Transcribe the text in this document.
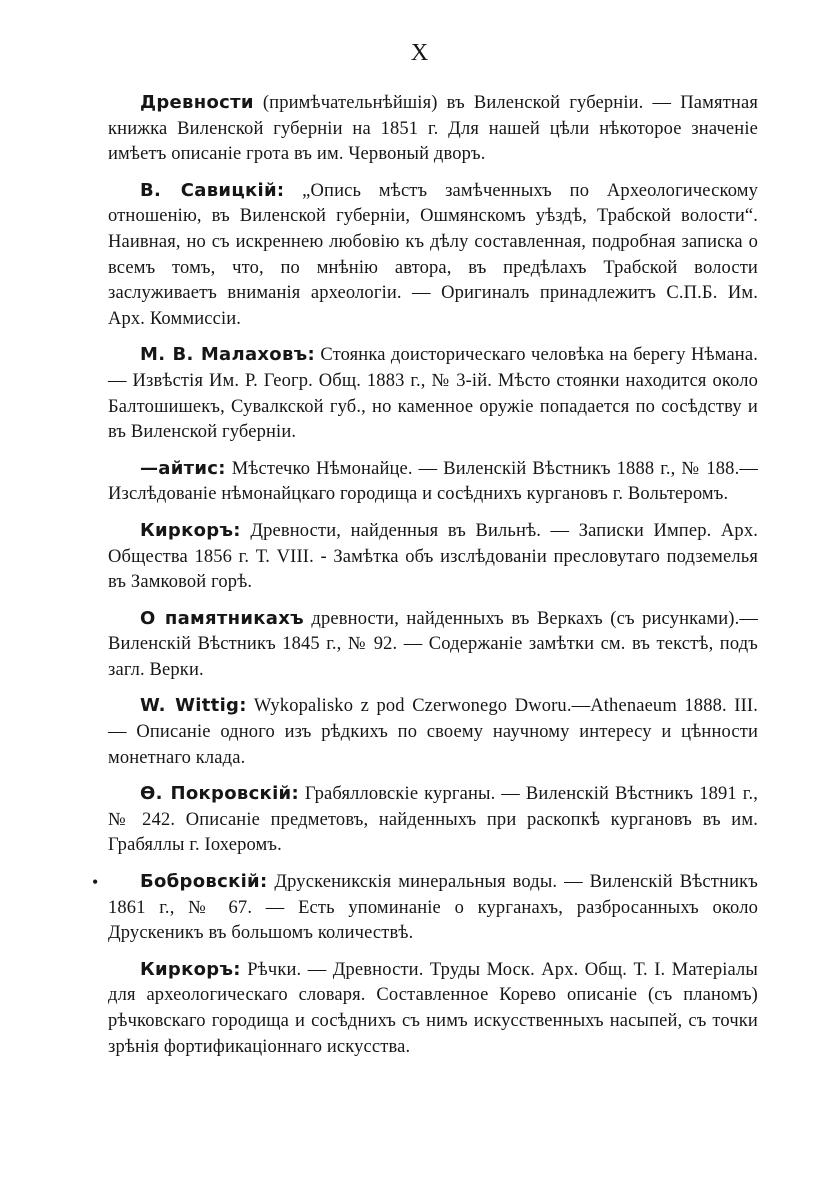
X

Древности (примѣчательнѣйшiя) въ Виленской губернiи. — Памятная книжка Виленской губернiи на 1851 г. Для нашей цѣли нѣкоторое значенiе имѣетъ описанiе грота въ им. Червоный дворъ.

В. Савицкiй: „Опись мѣстъ замѣченныхъ по Археологическому отношенiю, въ Виленской губернiи, Ошмянскомъ уѣздѣ, Трабской волости“. Наивная, но съ искреннею любовiю къ дѣлу составленная, подробная записка о всемъ томъ, что, по мнѣнiю автора, въ предѣлахъ Трабской волости заслуживаетъ вниманiя археологiи. — Оригиналъ принадлежитъ С.П.Б. Им. Арх. Коммиссiи.

М. В. Малаховъ: Стоянка доисторическаго человѣка на берегу Нѣмана. — Извѣстiя Им. Р. Геогр. Общ. 1883 г., № 3-iй. Мѣсто стоянки находится около Балтошишекъ, Сувалкской губ., но каменное оружiе попадается по сосѣдству и въ Виленской губернiи.

—айтис: Мѣстечко Нѣмонайце. — Виленскiй Вѣстникъ 1888 г., № 188.—Изслѣдованiе нѣмонайцкаго городища и сосѣднихъ кургановъ г. Вольтеромъ.

Киркоръ: Древности, найденныя въ Вильнѣ. — Записки Импер. Арх. Общества 1856 г. Т. VIII. - Замѣтка объ изслѣдованiи пресловутаго подземелья въ Замковой горѣ.

О памятникахъ древности, найденныхъ въ Веркахъ (съ рисунками).—Виленскiй Вѣстникъ 1845 г., № 92. — Содержанiе замѣтки см. въ текстѣ, подъ загл. Верки.

W. Wittig: Wykopalisko z pod Czerwonego Dworu.—Athenaeum 1888. III. — Описанiе одного изъ рѣдкихъ по своему научному интересу и цѣнности монетнаго клада.

Ѳ. Покровскiй: Грабялловскiе курганы. — Виленскiй Вѣстникъ 1891 г., № 242. Описанiе предметовъ, найденныхъ при раскопкѣ кургановъ въ им. Грабяллы г. Iохеромъ.

Бобровскiй: Друскеникскiя минеральныя воды. — Виленскiй Вѣстникъ 1861 г., № 67. — Есть упоминанiе о курганахъ, разбросанныхъ около Друскеникъ въ большомъ количествѣ.

Киркоръ: Рѣчки. — Древности. Труды Моск. Арх. Общ. Т. I. Матерiалы для археологическаго словаря. Составленное Корево описанiе (съ планомъ) рѣчковскаго городища и сосѣднихъ съ нимъ искусственныхъ насыпей, съ точки зрѣнiя фортификацiоннаго искусства.

•
